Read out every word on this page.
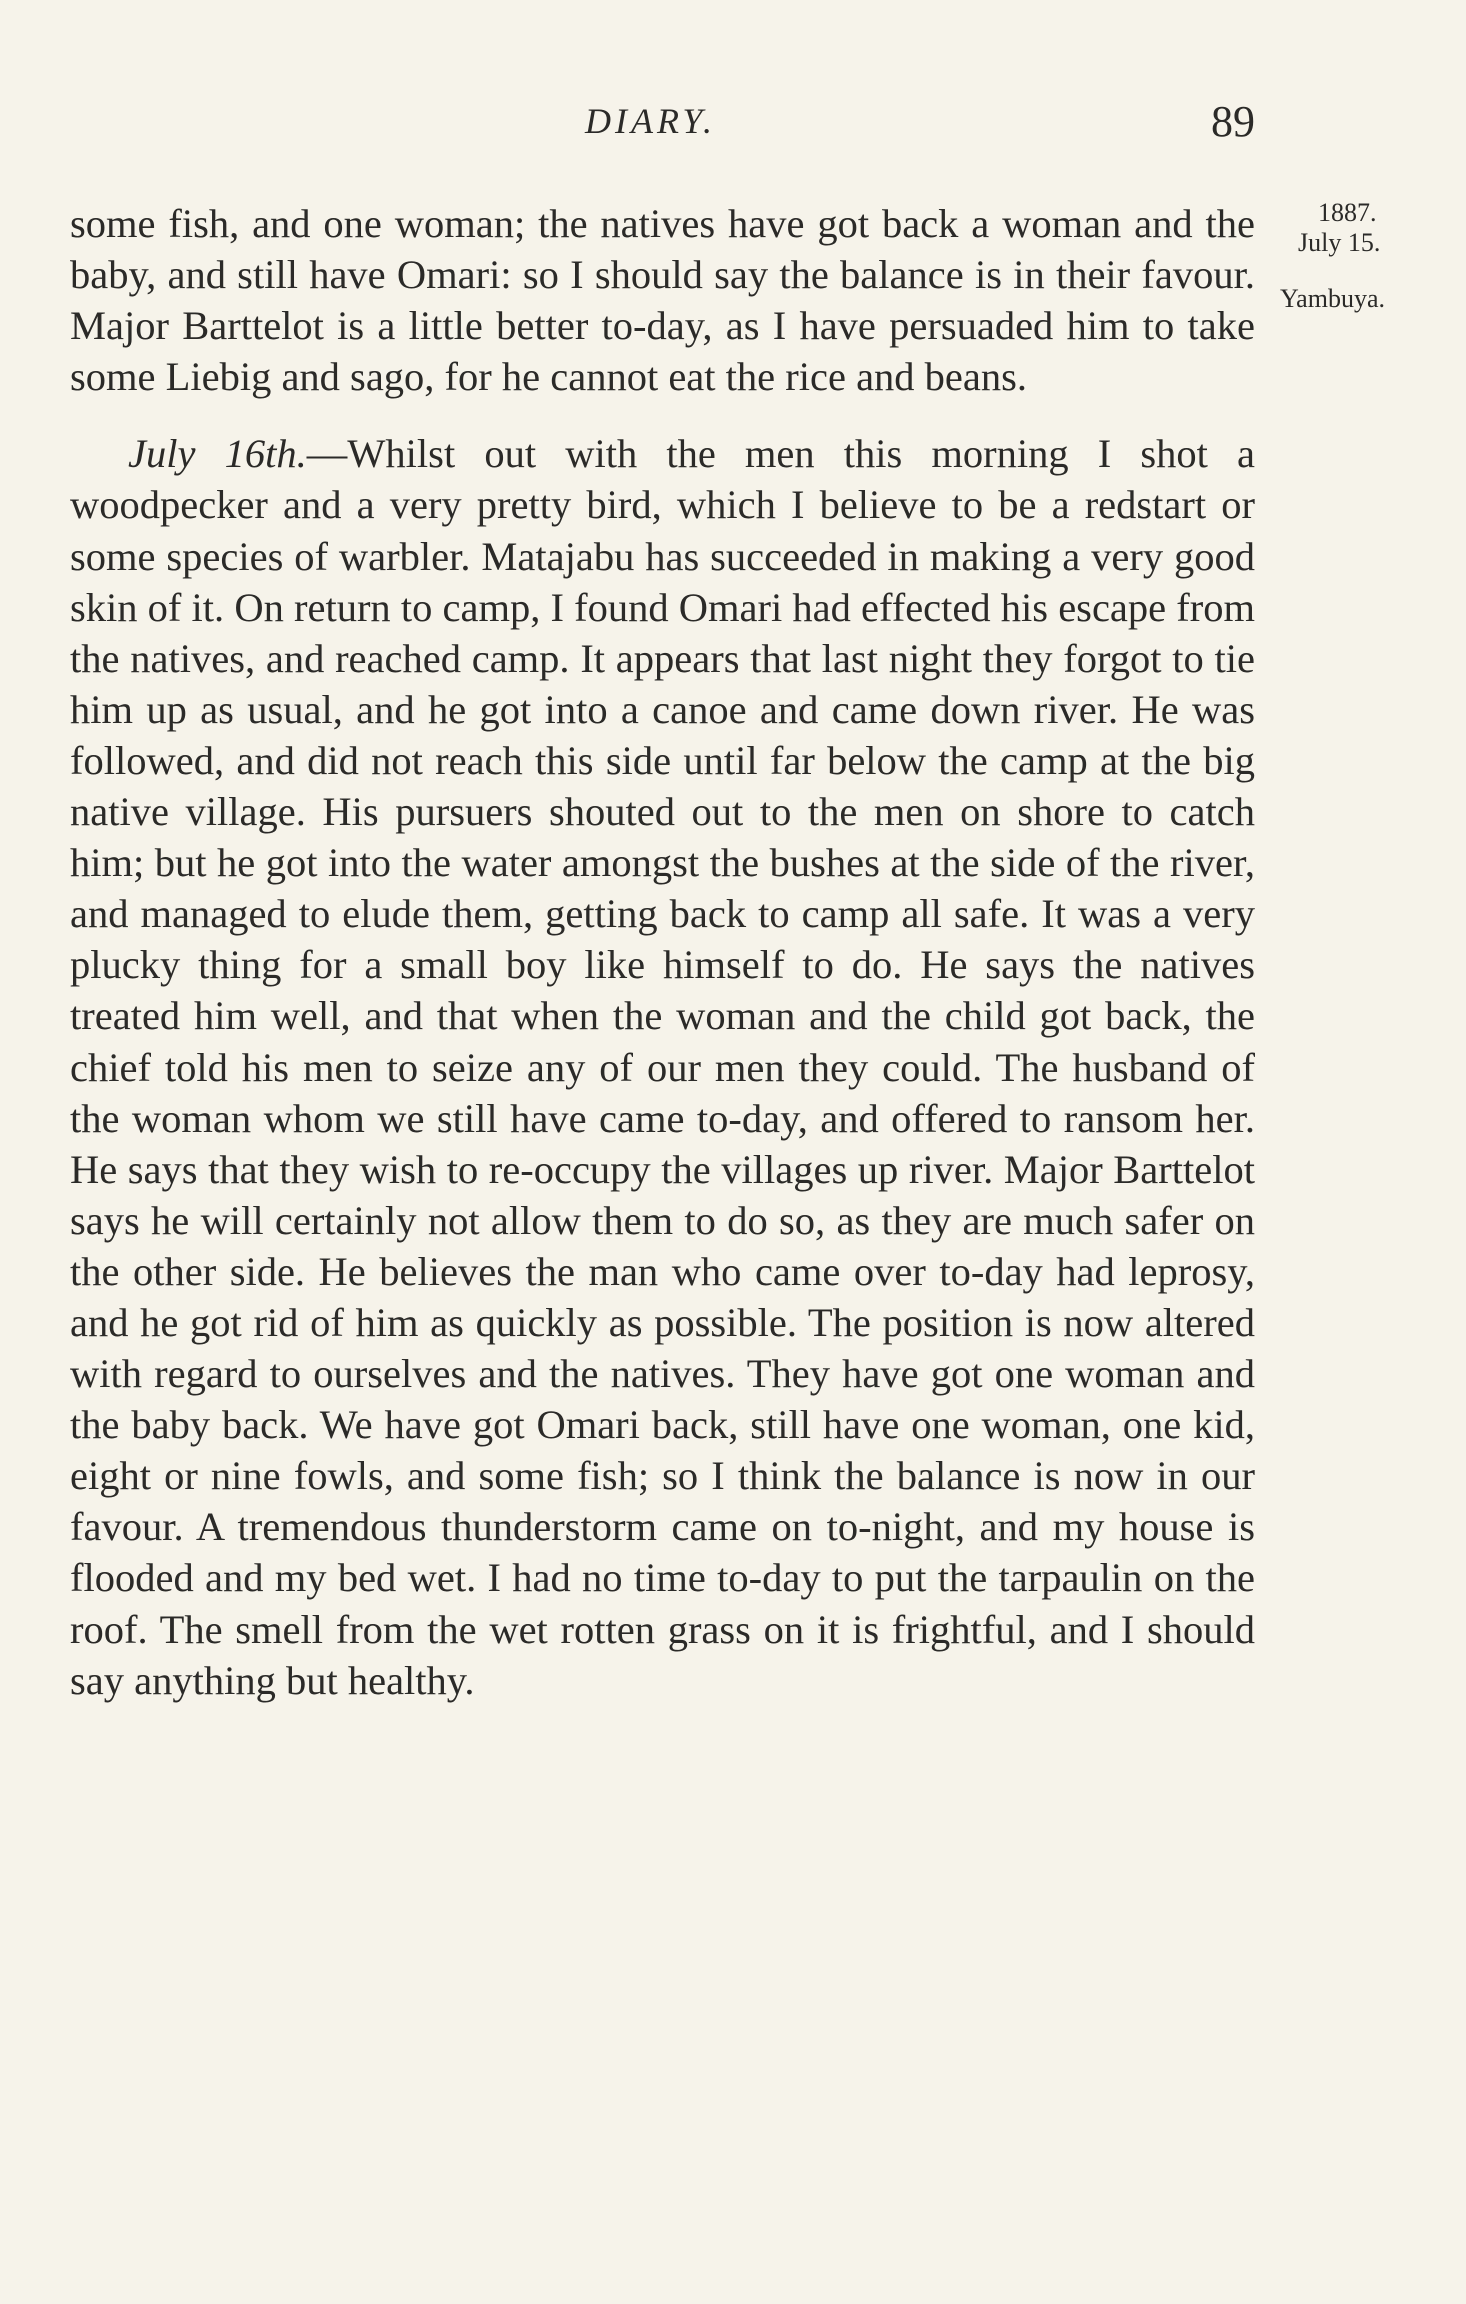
DIARY.	89
1887.
July 15.
Yambuya.

some fish, and one woman; the natives have got back a woman and the baby, and still have Omari: so I should say the balance is in their favour. Major Barttelot is a little better to-day, as I have persuaded him to take some Liebig and sago, for he cannot eat the rice and beans.

July 16th.—Whilst out with the men this morning I shot a woodpecker and a very pretty bird, which I believe to be a redstart or some species of warbler. Matajabu has succeeded in making a very good skin of it. On return to camp, I found Omari had effected his escape from the natives, and reached camp. It appears that last night they forgot to tie him up as usual, and he got into a canoe and came down river. He was followed, and did not reach this side until far below the camp at the big native village. His pursuers shouted out to the men on shore to catch him; but he got into the water amongst the bushes at the side of the river, and managed to elude them, getting back to camp all safe. It was a very plucky thing for a small boy like himself to do. He says the natives treated him well, and that when the woman and the child got back, the chief told his men to seize any of our men they could. The husband of the woman whom we still have came to-day, and offered to ransom her. He says that they wish to re-occupy the villages up river. Major Barttelot says he will certainly not allow them to do so, as they are much safer on the other side. He believes the man who came over to-day had leprosy, and he got rid of him as quickly as possible. The position is now altered with regard to ourselves and the natives. They have got one woman and the baby back. We have got Omari back, still have one woman, one kid, eight or nine fowls, and some fish; so I think the balance is now in our favour. A tremendous thunderstorm came on to-night, and my house is flooded and my bed wet. I had no time to-day to put the tarpaulin on the roof. The smell from the wet rotten grass on it is frightful, and I should say anything but healthy.
